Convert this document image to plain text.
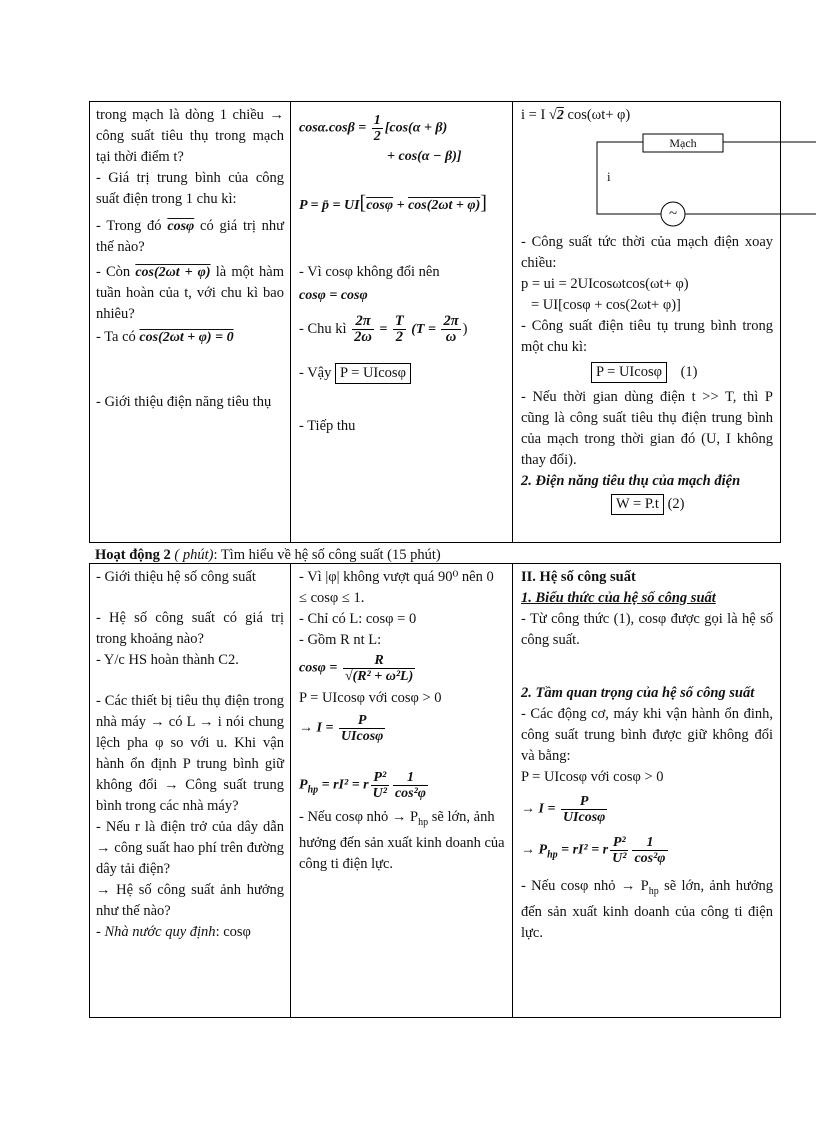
trong mạch là dòng 1 chiều → công suất tiêu thụ trong mạch tại thời điểm t?

- Giá trị trung bình của công suất điện trong 1 chu kì:

- Trong đó cosφ có giá trị như thế nào?

- Còn cos(2ωt + φ) là một hàm tuần hoàn của t, với chu kì bao nhiêu?

- Ta có cos(2ωt + φ) = 0

- Giới thiệu điện năng tiêu thụ

$\cos\alpha.\cos\beta = \frac{1}{2} [\cos(\alpha + \beta)$
+ cos(α − β)]
P = p̄ = UI[cosφ + cos(2ωt + φ)]

- Vì cosφ không đổi nên

cosφ = cosφ
- Chu kì $\frac{2\pi}{2\omega} = \frac{T}{2} (T = \frac{2\pi}{\omega}$ )

- Vậy P = UIcosφ

- Tiếp thu

i = I √2 cos(ωt+ φ)

Mạch
i
~

- Công suất tức thời của mạch điện xoay chiều:

p = ui = 2UIcosωtcos(ωt+ φ)

= UI[cosφ + cos(2ωt+ φ)]

- Công suất điện tiêu tụ trung bình trong một chu kì:

P = UIcosφ (1)

- Nếu thời gian dùng điện t >> T, thì P cũng là công suất tiêu thụ điện trung bình của mạch trong thời gian đó (U, I không thay đổi).

2. Điện năng tiêu thụ của mạch điện

W = P.t (2)

Hoạt động 2 ( phút): Tìm hiểu về hệ số công suất (15 phút)

- Giới thiệu hệ số công suất

- Hệ số công suất có giá trị trong khoảng nào?

- Y/c HS hoàn thành C2.

- Các thiết bị tiêu thụ điện trong nhà máy → có L → i nói chung lệch pha φ so với u. Khi vận hành ổn định P trung bình giữ không đổi → Công suất trung bình trong các nhà máy?

- Nếu r là điện trở của dây dẫn → công suất hao phí trên đường dây tải điện?

→ Hệ số công suất ảnh hưởng như thế nào?

- Nhà nước quy định: cosφ

- Vì |φ| không vượt quá 90⁰ nên 0 ≤ cosφ ≤ 1.

- Chỉ có L: cosφ = 0

- Gồm R nt L:

$\cos\varphi = \frac{R}{\text{√(R² + ω²L)}}$

P = UIcosφ với cosφ > 0

→ $I = \frac{P}{UIcos\varphi}$
$P_{hp} = rI^2 = r \frac{\text{P²}}{\text{U²}} \frac{1}{\text{cos²φ}}$

- Nếu cosφ nhỏ → $P_{hp}$ sẽ lớn, ảnh hưởng đến sản xuất kinh doanh của công ti điện lực.

II. Hệ số công suất

1. Biểu thức của hệ số công suất

- Từ công thức (1), cosφ được gọi là hệ số công suất.

2. Tầm quan trọng của hệ số công suất

- Các động cơ, máy khi vận hành ổn đinh, công suất trung bình được giữ không đổi và bằng:

P = UIcosφ với cosφ > 0

→ $I = \frac{P}{UIcos\varphi}$
→ $P_{hp} = rI^2 = r \frac{\text{P²}}{\text{U²}} \frac{1}{\text{cos²φ}}$

- Nếu cosφ nhỏ → $P_{hp}$ sẽ lớn, ảnh hưởng đến sản xuất kinh doanh của công ti điện lực.
